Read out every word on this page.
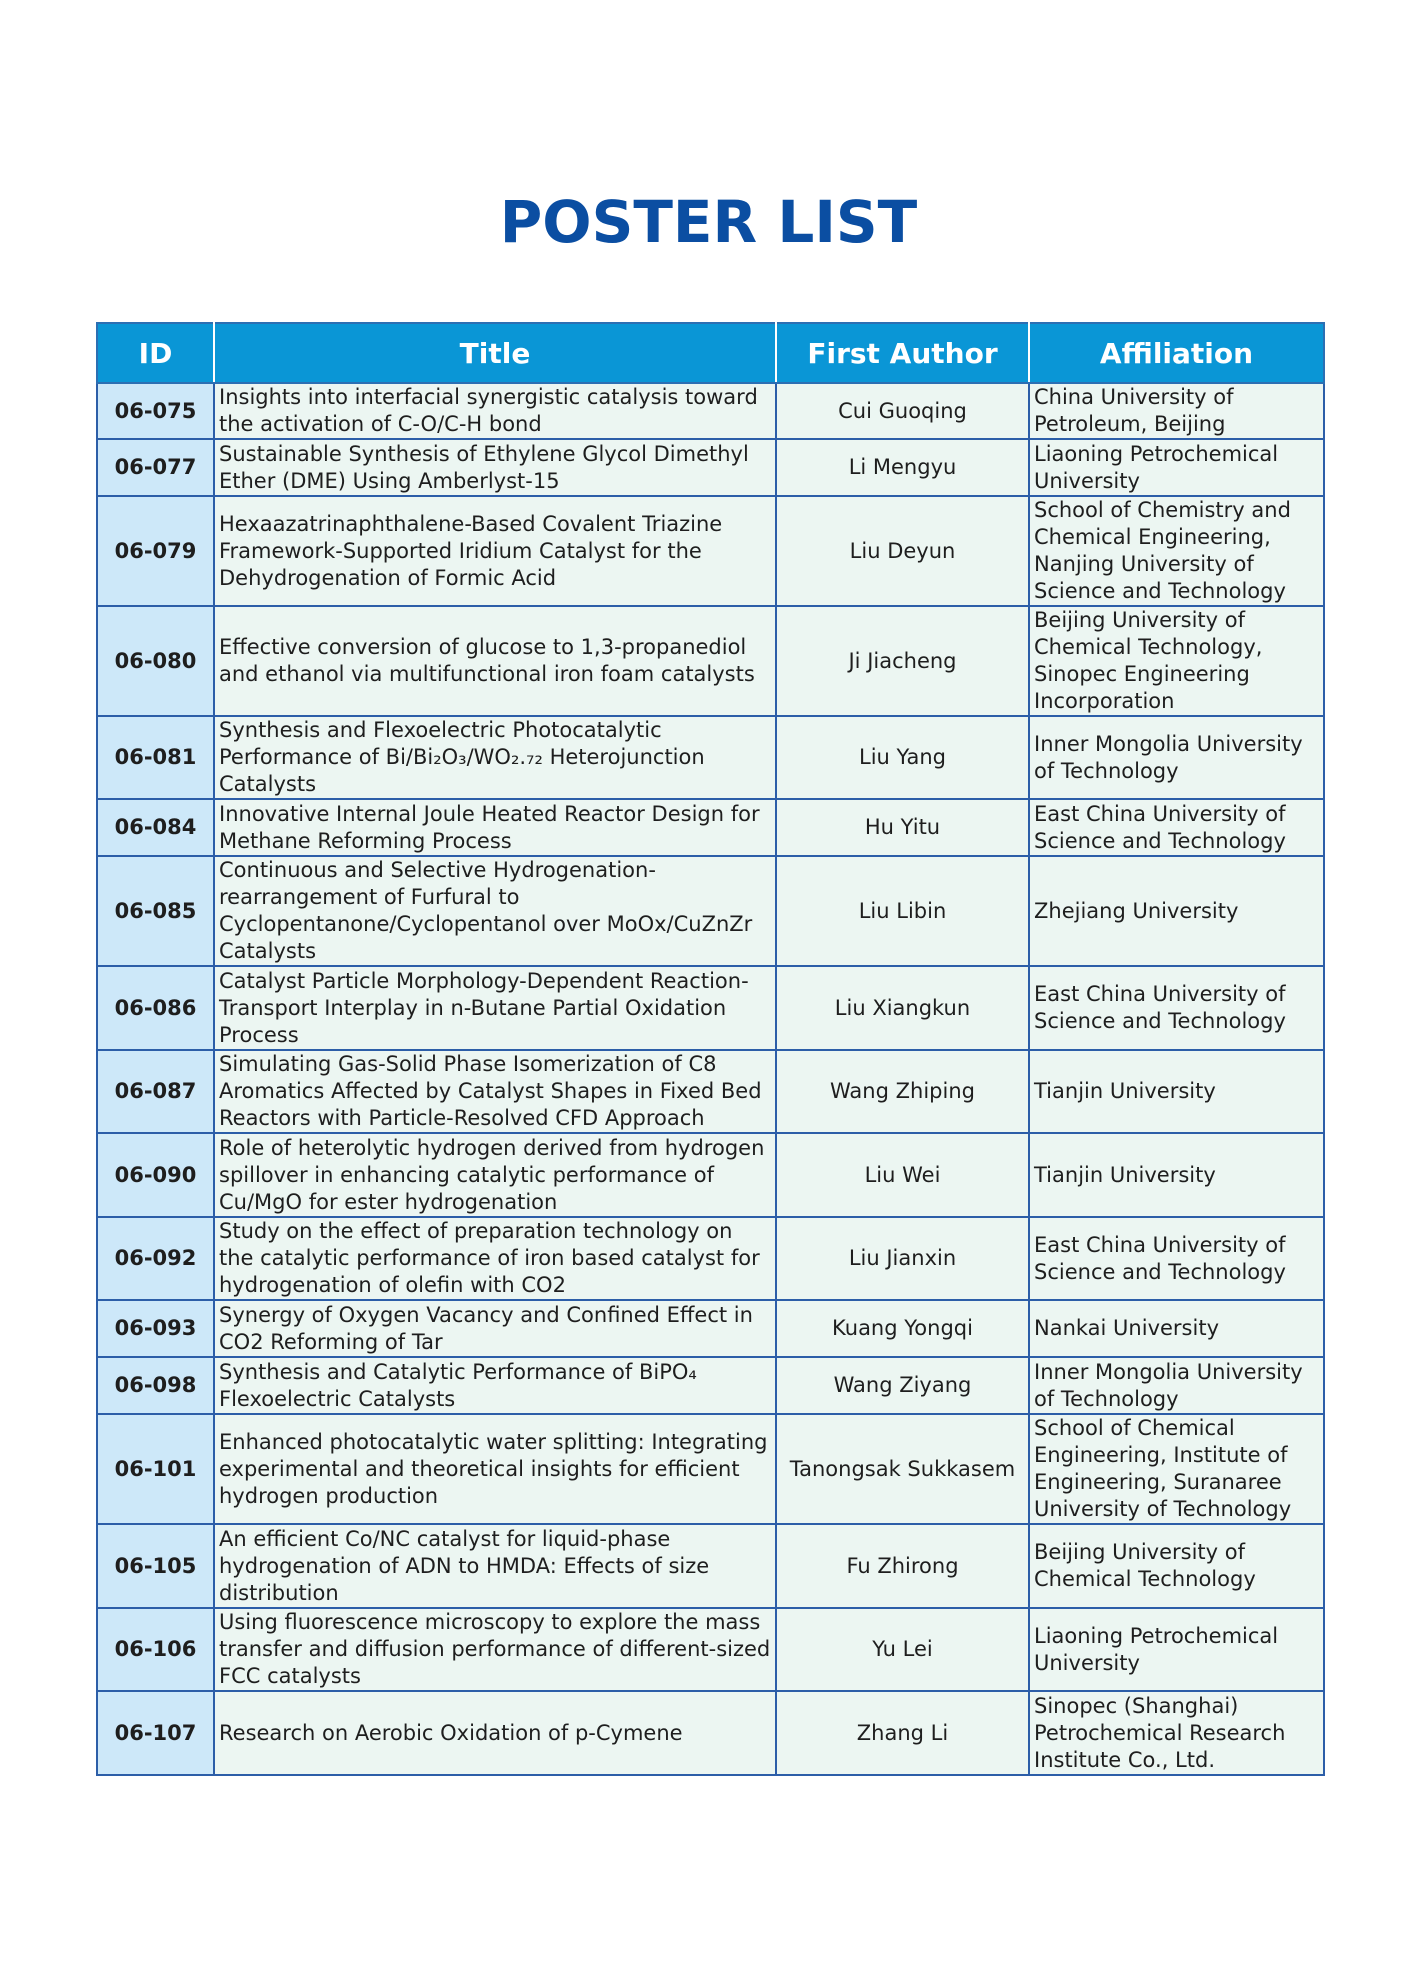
POSTER LIST
ID	Title	First Author	Affiliation
06-075	Insights into interfacial synergistic catalysis toward the activation of C-O/C-H bond	Cui Guoqing	China University of Petroleum, Beijing
06-077	Sustainable Synthesis of Ethylene Glycol Dimethyl Ether (DME) Using Amberlyst-15	Li Mengyu	Liaoning Petrochemical University
06-079	Hexaazatrinaphthalene-Based Covalent Triazine Framework-Supported Iridium Catalyst for the Dehydrogenation of Formic Acid	Liu Deyun	School of Chemistry and Chemical Engineering, Nanjing University of Science and Technology
06-080	Effective conversion of glucose to 1,3-propanediol and ethanol via multifunctional iron foam catalysts	Ji Jiacheng	Beijing University of Chemical Technology, Sinopec Engineering Incorporation
06-081	Synthesis and Flexoelectric Photocatalytic Performance of Bi/Bi₂O₃/WO₂.₇₂ Heterojunction Catalysts	Liu Yang	Inner Mongolia University of Technology
06-084	Innovative Internal Joule Heated Reactor Design for Methane Reforming Process	Hu Yitu	East China University of Science and Technology
06-085	Continuous and Selective Hydrogenation-rearrangement of Furfural to Cyclopentanone/Cyclopentanol over MoOx/CuZnZr Catalysts	Liu Libin	Zhejiang University
06-086	Catalyst Particle Morphology-Dependent Reaction-Transport Interplay in n-Butane Partial Oxidation Process	Liu Xiangkun	East China University of Science and Technology
06-087	Simulating Gas-Solid Phase Isomerization of C8 Aromatics Affected by Catalyst Shapes in Fixed Bed Reactors with Particle-Resolved CFD Approach	Wang Zhiping	Tianjin University
06-090	Role of heterolytic hydrogen derived from hydrogen spillover in enhancing catalytic performance of Cu/MgO for ester hydrogenation	Liu Wei	Tianjin University
06-092	Study on the effect of preparation technology on the catalytic performance of iron based catalyst for hydrogenation of olefin with CO2	Liu Jianxin	East China University of Science and Technology
06-093	Synergy of Oxygen Vacancy and Confined Effect in CO2 Reforming of Tar	Kuang Yongqi	Nankai University
06-098	Synthesis and Catalytic Performance of BiPO₄ Flexoelectric Catalysts	Wang Ziyang	Inner Mongolia University of Technology
06-101	Enhanced photocatalytic water splitting: Integrating experimental and theoretical insights for efficient hydrogen production	Tanongsak Sukkasem	School of Chemical Engineering, Institute of Engineering, Suranaree University of Technology
06-105	An efficient Co/NC catalyst for liquid-phase hydrogenation of ADN to HMDA: Effects of size distribution	Fu Zhirong	Beijing University of Chemical Technology
06-106	Using fluorescence microscopy to explore the mass transfer and diffusion performance of different-sized FCC catalysts	Yu Lei	Liaoning Petrochemical University
06-107	Research on Aerobic Oxidation of p-Cymene	Zhang Li	Sinopec (Shanghai) Petrochemical Research Institute Co., Ltd.
